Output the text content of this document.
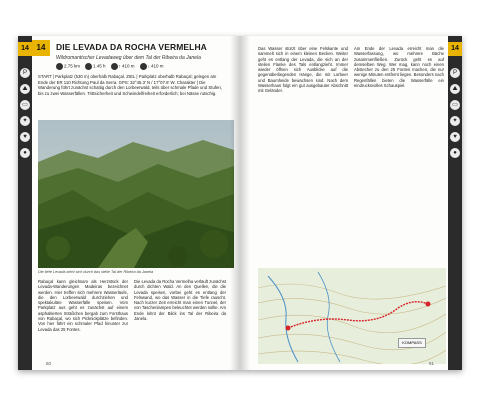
14
P
⛰
▭
✦
♥
●
14	DIE LEVADA DA ROCHA VERMELHA
Wildromantischer Levadaweg über dem Tal der Ribeira da Janela
2.75 km	1.45 h	↑ 410 m	↓ 410 m
START | Parkplatz (530 m) oberhalb Rabaçal. ZIEL | Parkplatz oberhalb Rabaçal; gelegen am Ende der ER 110 Richtung Paul da Serra. GPS: 32°45.3' N / 17°07.6' W. Charakter | Die Wanderung führt zunächst schattig durch den Lorbeerwald, teils über schmale Pfade und Stufen, bis zu zwei Wasserfällen. Trittsicherheit und Schwindelfreiheit erforderlich; bei Nässe rutschig.
Die tiefe Levada zieht sich durch das steile Tal der Ribeira da Janela
Rabaçal kann gleichsam als Herzstück der Levada-Wanderungen Madeiras bezeichnet werden. Hier treffen sich mehrere Wasserläufe, die den Lorbeerwald durchziehen und spektakuläre Wasserfälle speisen. Vom Parkplatz aus geht es zunächst auf einem asphaltierten Sträßchen bergab zum Forsthaus von Rabaçal, wo sich Picknickplätze befinden. Von hier führt ein schmaler Pfad hinunter zur Levada das 25 Fontes.
Die Levada da Rocha Vermelha verläuft zunächst durch dichten Wald. An den Quellen, die die Levada speisen, vorbei geht es entlang der Felswand, wo das Wasser in die Tiefe rauscht. Nach kurzer Zeit erreicht man einen Tunnel, der von Taschenlampen beleuchtet werden sollte. Am Ende lohnt der Blick ins Tal der Ribeira da Janela.
50
14
P
⛰
▭
✦
♥
●
Das Wasser stürzt über eine Felskante und sammelt sich in einem kleinen Becken. Weiter geht es entlang der Levada, die sich an der steilen Flanke des Tals entlangzieht. Immer wieder öffnen sich Ausblicke auf die gegenüberliegenden Hänge, die mit Lorbeer und Baumheide bewachsen sind. Nach dem Wasserhaus folgt ein gut ausgebauter Abschnitt mit Geländer.
Am Ende der Levada erreicht man die Wasserfassung, wo mehrere Bäche zusammenfließen. Zurück geht es auf demselben Weg. Wer mag, kann noch einen Abstecher zu den 25 Fontes machen, die nur wenige Minuten entfernt liegen. Besonders nach Regenfällen bieten die Wasserfälle ein eindrucksvolles Schauspiel.
KOMPASS
51
